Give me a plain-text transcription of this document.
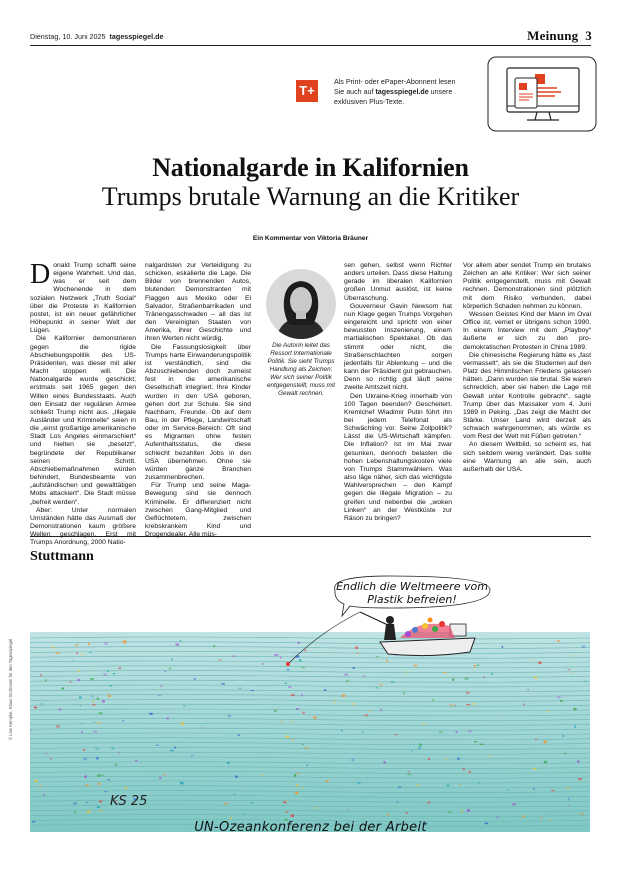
Dienstag, 10. Juni 2025 tagesspiegel.de	Meinung 3
T+
Als Print- oder ePaper-Abonnent lesen
Sie auch auf tagesspiegel.de unsere
exklusiven Plus-Texte.
Nationalgarde in Kalifornien
Trumps brutale Warnung an die Kritiker
Ein Kommentar von Viktoria Bräuner

Donald Trump schafft seine eigene Wahrheit. Und das, was er seit dem Wochenende in dem sozialen Netzwerk „Truth Social“ über die Proteste in Kalifornien postet, ist ein neuer gefährlicher Höhepunkt in seiner Welt der Lügen.

Die Kalifornier demonstrieren gegen die rigide Abschiebungspolitik des US-Präsidenten, was dieser mit aller Macht stoppen will. Die Nationalgarde wurde geschickt; erstmals seit 1965 gegen den Willen eines Bundesstaats. Auch den Einsatz der regulären Armee schließt Trump nicht aus. „Illegale Ausländer und Kriminelle“ seien in die „einst großartige amerikanische Stadt Los Angeles einmarschiert“ und hielten sie „besetzt“, begründete der Republikaner seinen Schritt. Abschiebemaßnahmen würden behindert, Bundesbeamte von „aufständischen und gewalttätigen Mobs attackiert“. Die Stadt müsse „befreit werden“.

Aber: Unter normalen Umständen hätte das Ausmaß der Demonstrationen kaum größere Wellen geschlagen. Erst mit Trumps Anordnung, 2000 Natio-

nalgardisten zur Verteidigung zu schicken, eskalierte die Lage. Die Bilder von brennenden Autos, blutenden Demonstranten mit Flaggen aus Mexiko oder El Salvador, Straßenbarrikaden und Tränengasschwaden – all das ist den Vereinigten Staaten von Amerika, ihrer Geschichte und ihren Werten nicht würdig.

Die Fassungslosigkeit über Trumps harte Einwanderungspolitik ist verständlich, sind die Abzuschiebenden doch zumeist fest in die amerikanische Gesellschaft integriert. Ihre Kinder wurden in den USA geboren, gehen dort zur Schule. Sie sind Nachbarn, Freunde. Ob auf dem Bau, in der Pflege, Landwirtschaft oder im Service-Bereich: Oft sind es Migranten ohne festen Aufenthaltsstatus, die diese schlecht bezahlten Jobs in den USA übernehmen. Ohne sie würden ganze Branchen zusammenbrechen.

Für Trump und seine Maga-Bewegung sind sie dennoch Kriminelle. Er differenziert nicht zwischen Gang-Mitglied und Geflüchtetem, zwischen krebskrankem Kind und Drogendealer. Alle müs-

Die Autorin leitet das Ressort Internationale Politik. Sie sieht Trumps Handlung als Zeichen: Wer sich seiner Politik entgegenstellt, muss mit Gewalt rechnen.

sen gehen, selbst wenn Richter anders urteilen. Dass diese Haltung gerade im liberalen Kalifornien großen Unmut auslöst, ist keine Überraschung.

Gouverneur Gavin Newsom hat nun Klage gegen Trumps Vorgehen eingereicht und spricht von einer bewussten Inszenierung, einem martialischen Spektakel. Ob das stimmt oder nicht, die Straßenschlachten sorgen jedenfalls für Ablenkung – und die kann der Präsident gut gebrauchen. Denn so richtig gut läuft seine zweite Amtszeit nicht.

Den Ukraine-Krieg innerhalb von 100 Tagen beenden? Gescheitert. Kremlchef Wladimir Putin führt ihn bei jedem Telefonat als Schwächling vor. Seine Zollpolitik? Lässt die US-Wirtschaft kämpfen. Die Inflation? Ist im Mai zwar gesunken, dennoch belasten die hohen Lebenshaltungskosten viele von Trumps Stammwählern. Was also läge näher, sich das wichtigste Wahlversprechen – den Kampf gegen die illegale Migration – zu greifen und nebenbei die „woken Linken“ an der Westküste zur Räson zu bringen?

Vor allem aber sendet Trump ein brutales Zeichen an alle Kritiker: Wer sich seiner Politik entgegenstellt, muss mit Gewalt rechnen. Demonstrationen sind plötzlich mit dem Risiko verbunden, dabei körperlich Schaden nehmen zu können.

Wessen Geistes Kind der Mann im Oval Office ist, verriet er übrigens schon 1990. In einem Interview mit dem „Playboy“ äußerte er sich zu den pro-demokratischen Protesten in China 1989.

Die chinesische Regierung hätte es „fast vermasselt“, als sie die Studenten auf den Platz des Himmlischen Friedens gelassen hätten. „Dann wurden sie brutal. Sie waren schrecklich, aber sie haben die Lage mit Gewalt unter Kontrolle gebracht“, sagte Trump über das Massaker vom 4. Juni 1989 in Peking. „Das zeigt die Macht der Stärke. Unser Land wird derzeit als schwach wahrgenommen, als würde es vom Rest der Welt mit Füßen getreten.“

An diesem Weltbild, so scheint es, hat sich seitdem wenig verändert. Das sollte eine Warnung an alle sein, auch außerhalb der USA.

Stuttmann
Endlich die Weltmeere vom
Plastik befreien!
KS 25
UN-Ozeankonferenz bei der Arbeit
© Lise Kempke, Klaus Stuttmann für den Tagesspiegel
